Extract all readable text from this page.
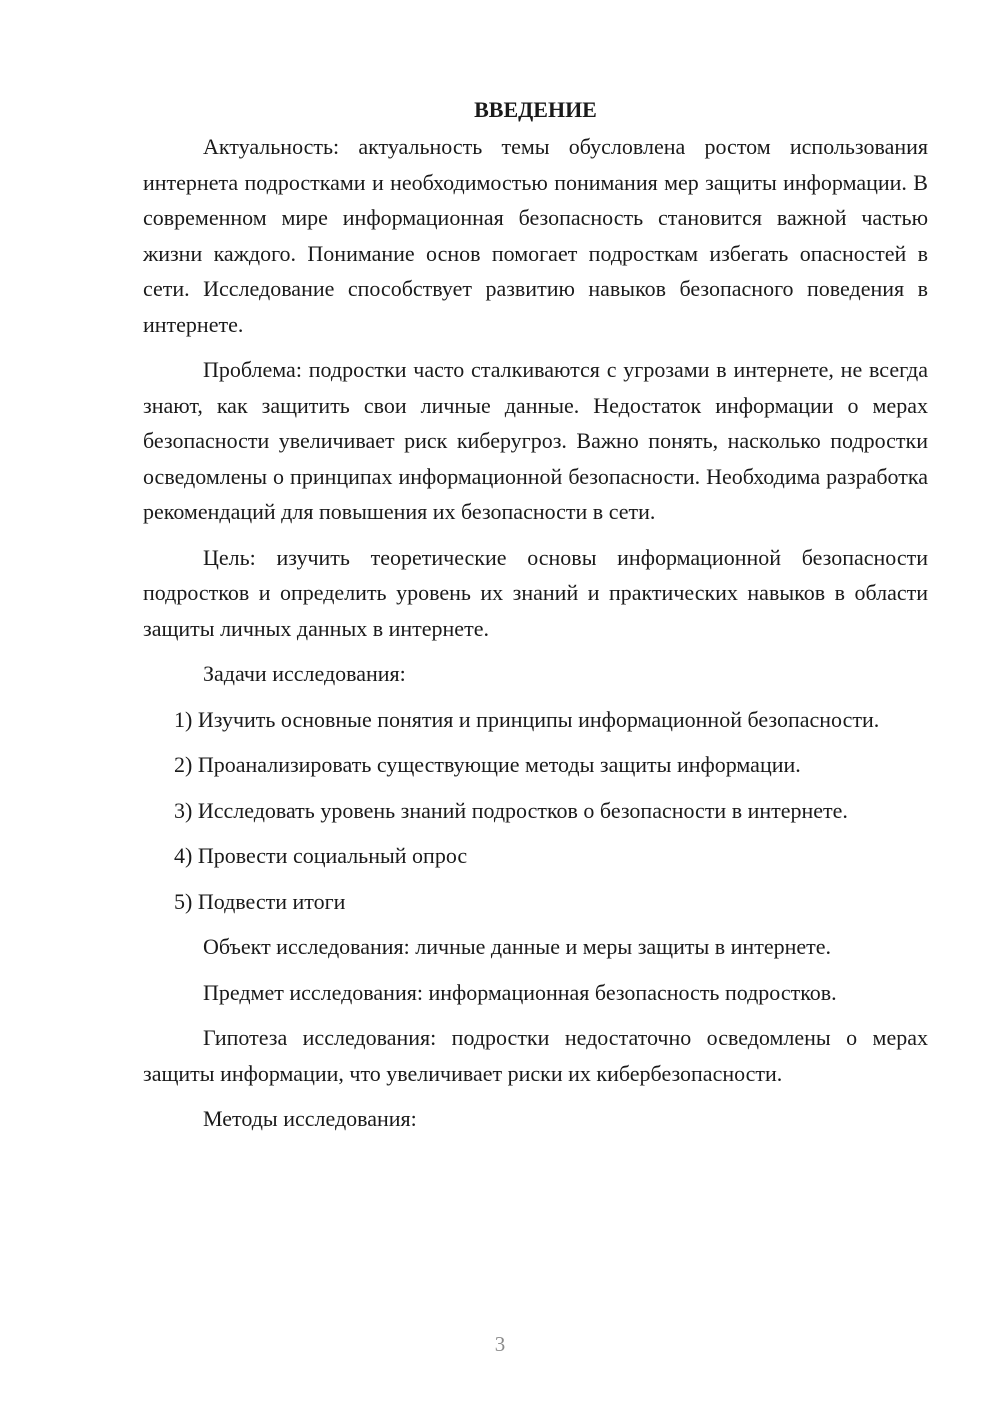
ВВЕДЕНИЕ

Актуальность: актуальность темы обусловлена ростом использования интернета подростками и необходимостью понимания мер защиты информации. В современном мире информационная безопасность становится важной частью жизни каждого. Понимание основ помогает подросткам избегать опасностей в сети. Исследование способствует развитию навыков безопасного поведения в интернете.

Проблема: подростки часто сталкиваются с угрозами в интернете, не всегда знают, как защитить свои личные данные. Недостаток информации о мерах безопасности увеличивает риск киберугроз. Важно понять, насколько подростки осведомлены о принципах информационной безопасности. Необходима разработка рекомендаций для повышения их безопасности в сети.

Цель: изучить теоретические основы информационной безопасности подростков и определить уровень их знаний и практических навыков в области защиты личных данных в интернете.

Задачи исследования:

1) Изучить основные понятия и принципы информационной безопасности.

2) Проанализировать существующие методы защиты информации.

3) Исследовать уровень знаний подростков о безопасности в интернете.

4) Провести социальный опрос

5) Подвести итоги

Объект исследования: личные данные и меры защиты в интернете.

Предмет исследования: информационная безопасность подростков.

Гипотеза исследования: подростки недостаточно осведомлены о мерах защиты информации, что увеличивает риски их кибербезопасности.

Методы исследования:

3
